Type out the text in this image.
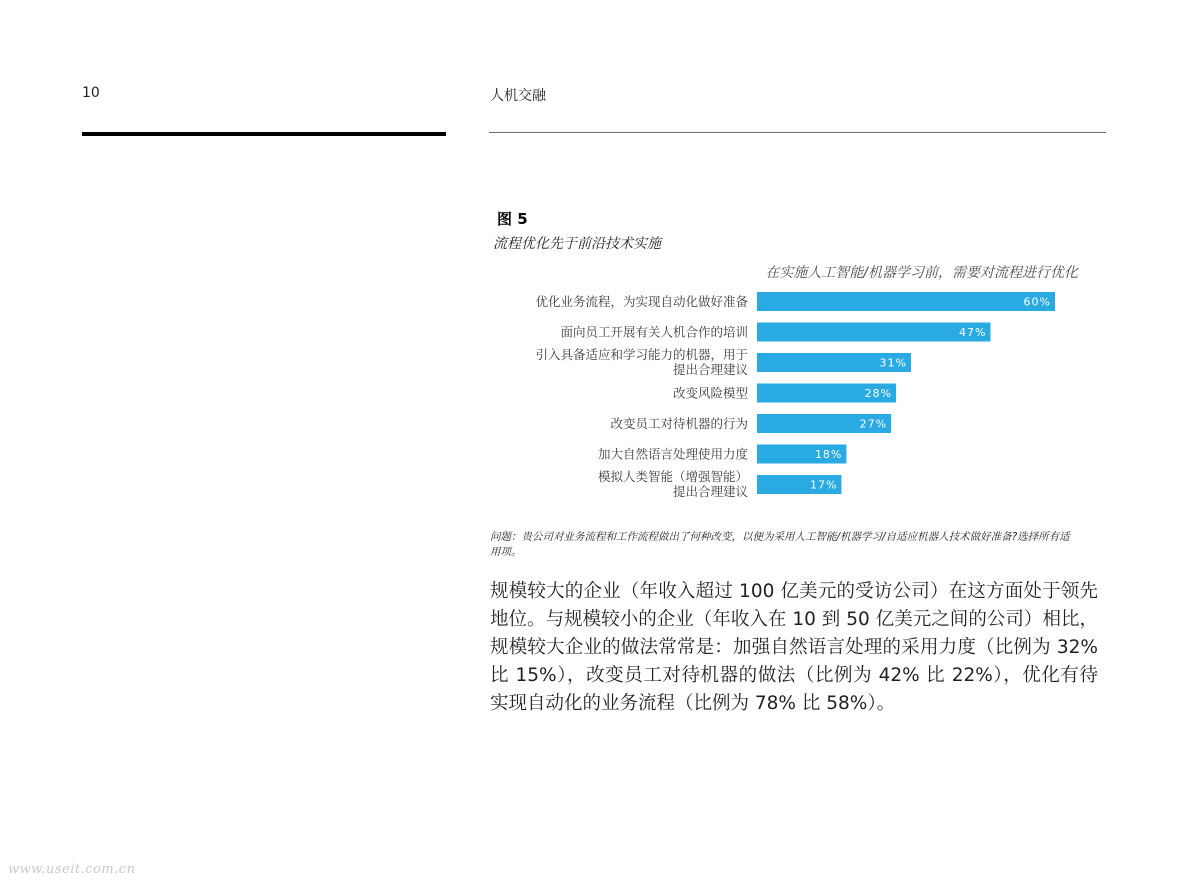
10	人机交融
图 5
流程优化先于前沿技术实施
在实施人工智能/机器学习前，需要对流程进行优化
60%
优化业务流程，为实现自动化做好准备
47%
面向员工开展有关人机合作的培训
31%
引入具备适应和学习能力的机器，用于
提出合理建议
28%
改变风险模型
27%
改变员工对待机器的行为
18%
加大自然语言处理使用力度
17%
模拟人类智能（增强智能）
提出合理建议
问题：贵公司对业务流程和工作流程做出了何种改变，以便为采用人工智能/机器学习/自适应机器人技术做好准备?选择所有适用项。
规模较大的企业（年收入超过 100 亿美元的受访公司）在这方面处于领先地位。与规模较小的企业（年收入在 10 到 50 亿美元之间的公司）相比，规模较大企业的做法常常是：加强自然语言处理的采用力度（比例为 32% 比 15%），改变员工对待机器的做法（比例为 42% 比 22%），优化有待实现自动化的业务流程（比例为 78% 比 58%）。
www.useit.com.cn
